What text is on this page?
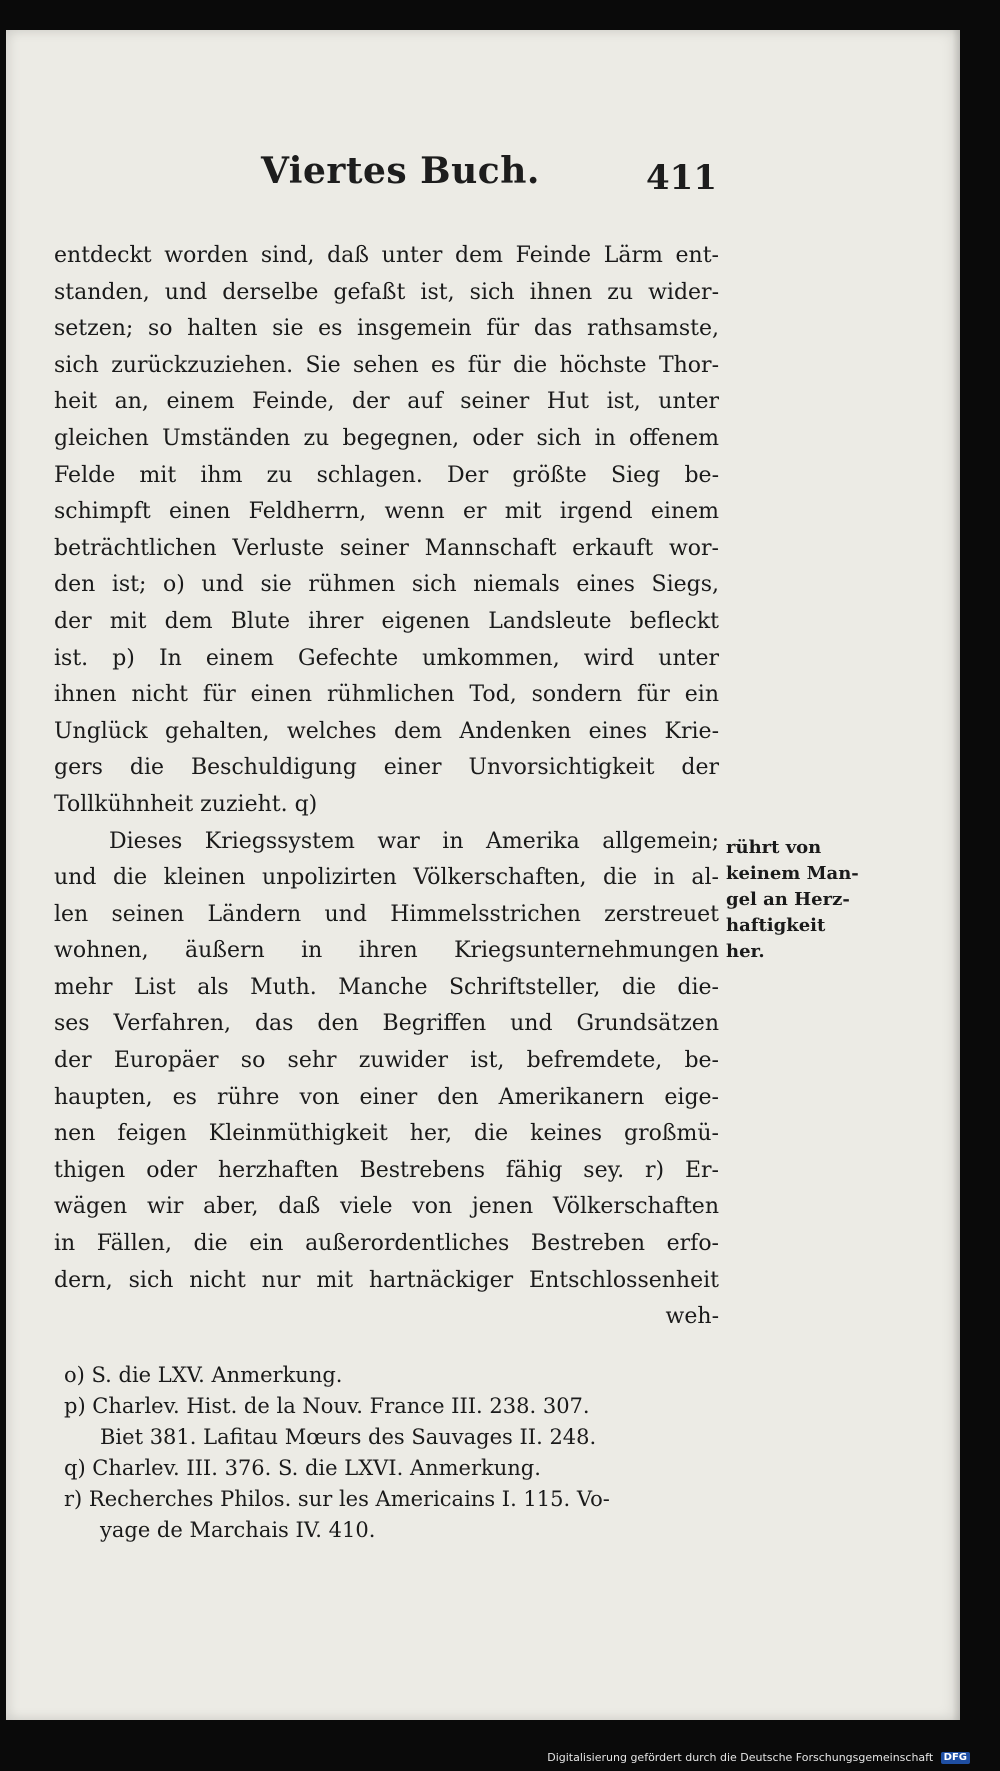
Viertes Buch.	411
entdeckt worden sind, daß unter dem Feinde Lärm ent-
standen, und derselbe gefaßt ist, sich ihnen zu wider-
setzen; so halten sie es insgemein für das rathsamste,
sich zurückzuziehen. Sie sehen es für die höchste Thor-
heit an, einem Feinde, der auf seiner Hut ist, unter
gleichen Umständen zu begegnen, oder sich in offenem
Felde mit ihm zu schlagen. Der größte Sieg be-
schimpft einen Feldherrn, wenn er mit irgend einem
beträchtlichen Verluste seiner Mannschaft erkauft wor-
den ist; o) und sie rühmen sich niemals eines Siegs,
der mit dem Blute ihrer eigenen Landsleute befleckt
ist. p) In einem Gefechte umkommen, wird unter
ihnen nicht für einen rühmlichen Tod, sondern für ein
Unglück gehalten, welches dem Andenken eines Krie-
gers die Beschuldigung einer Unvorsichtigkeit der
Tollkühnheit zuzieht. q)
Dieses Kriegssystem war in Amerika allgemein;
und die kleinen unpolizirten Völkerschaften, die in al-
len seinen Ländern und Himmelsstrichen zerstreuet
wohnen, äußern in ihren Kriegsunternehmungen
mehr List als Muth. Manche Schriftsteller, die die-
ses Verfahren, das den Begriffen und Grundsätzen
der Europäer so sehr zuwider ist, befremdete, be-
haupten, es rühre von einer den Amerikanern eige-
nen feigen Kleinmüthigkeit her, die keines großmü-
thigen oder herzhaften Bestrebens fähig sey. r) Er-
wägen wir aber, daß viele von jenen Völkerschaften
in Fällen, die ein außerordentliches Bestreben erfo-
dern, sich nicht nur mit hartnäckiger Entschlossenheit
weh-
rührt von
keinem Man-
gel an Herz-
haftigkeit
her.
o) S. die LXV. Anmerkung.
p) Charlev. Hist. de la Nouv. France III. 238. 307.
Biet 381. Lafitau Mœurs des Sauvages II. 248.
q) Charlev. III. 376. S. die LXVI. Anmerkung.
r) Recherches Philos. sur les Americains I. 115. Vo-
yage de Marchais IV. 410.
Digitalisierung gefördert durch die Deutsche Forschungsgemeinschaft DFG
